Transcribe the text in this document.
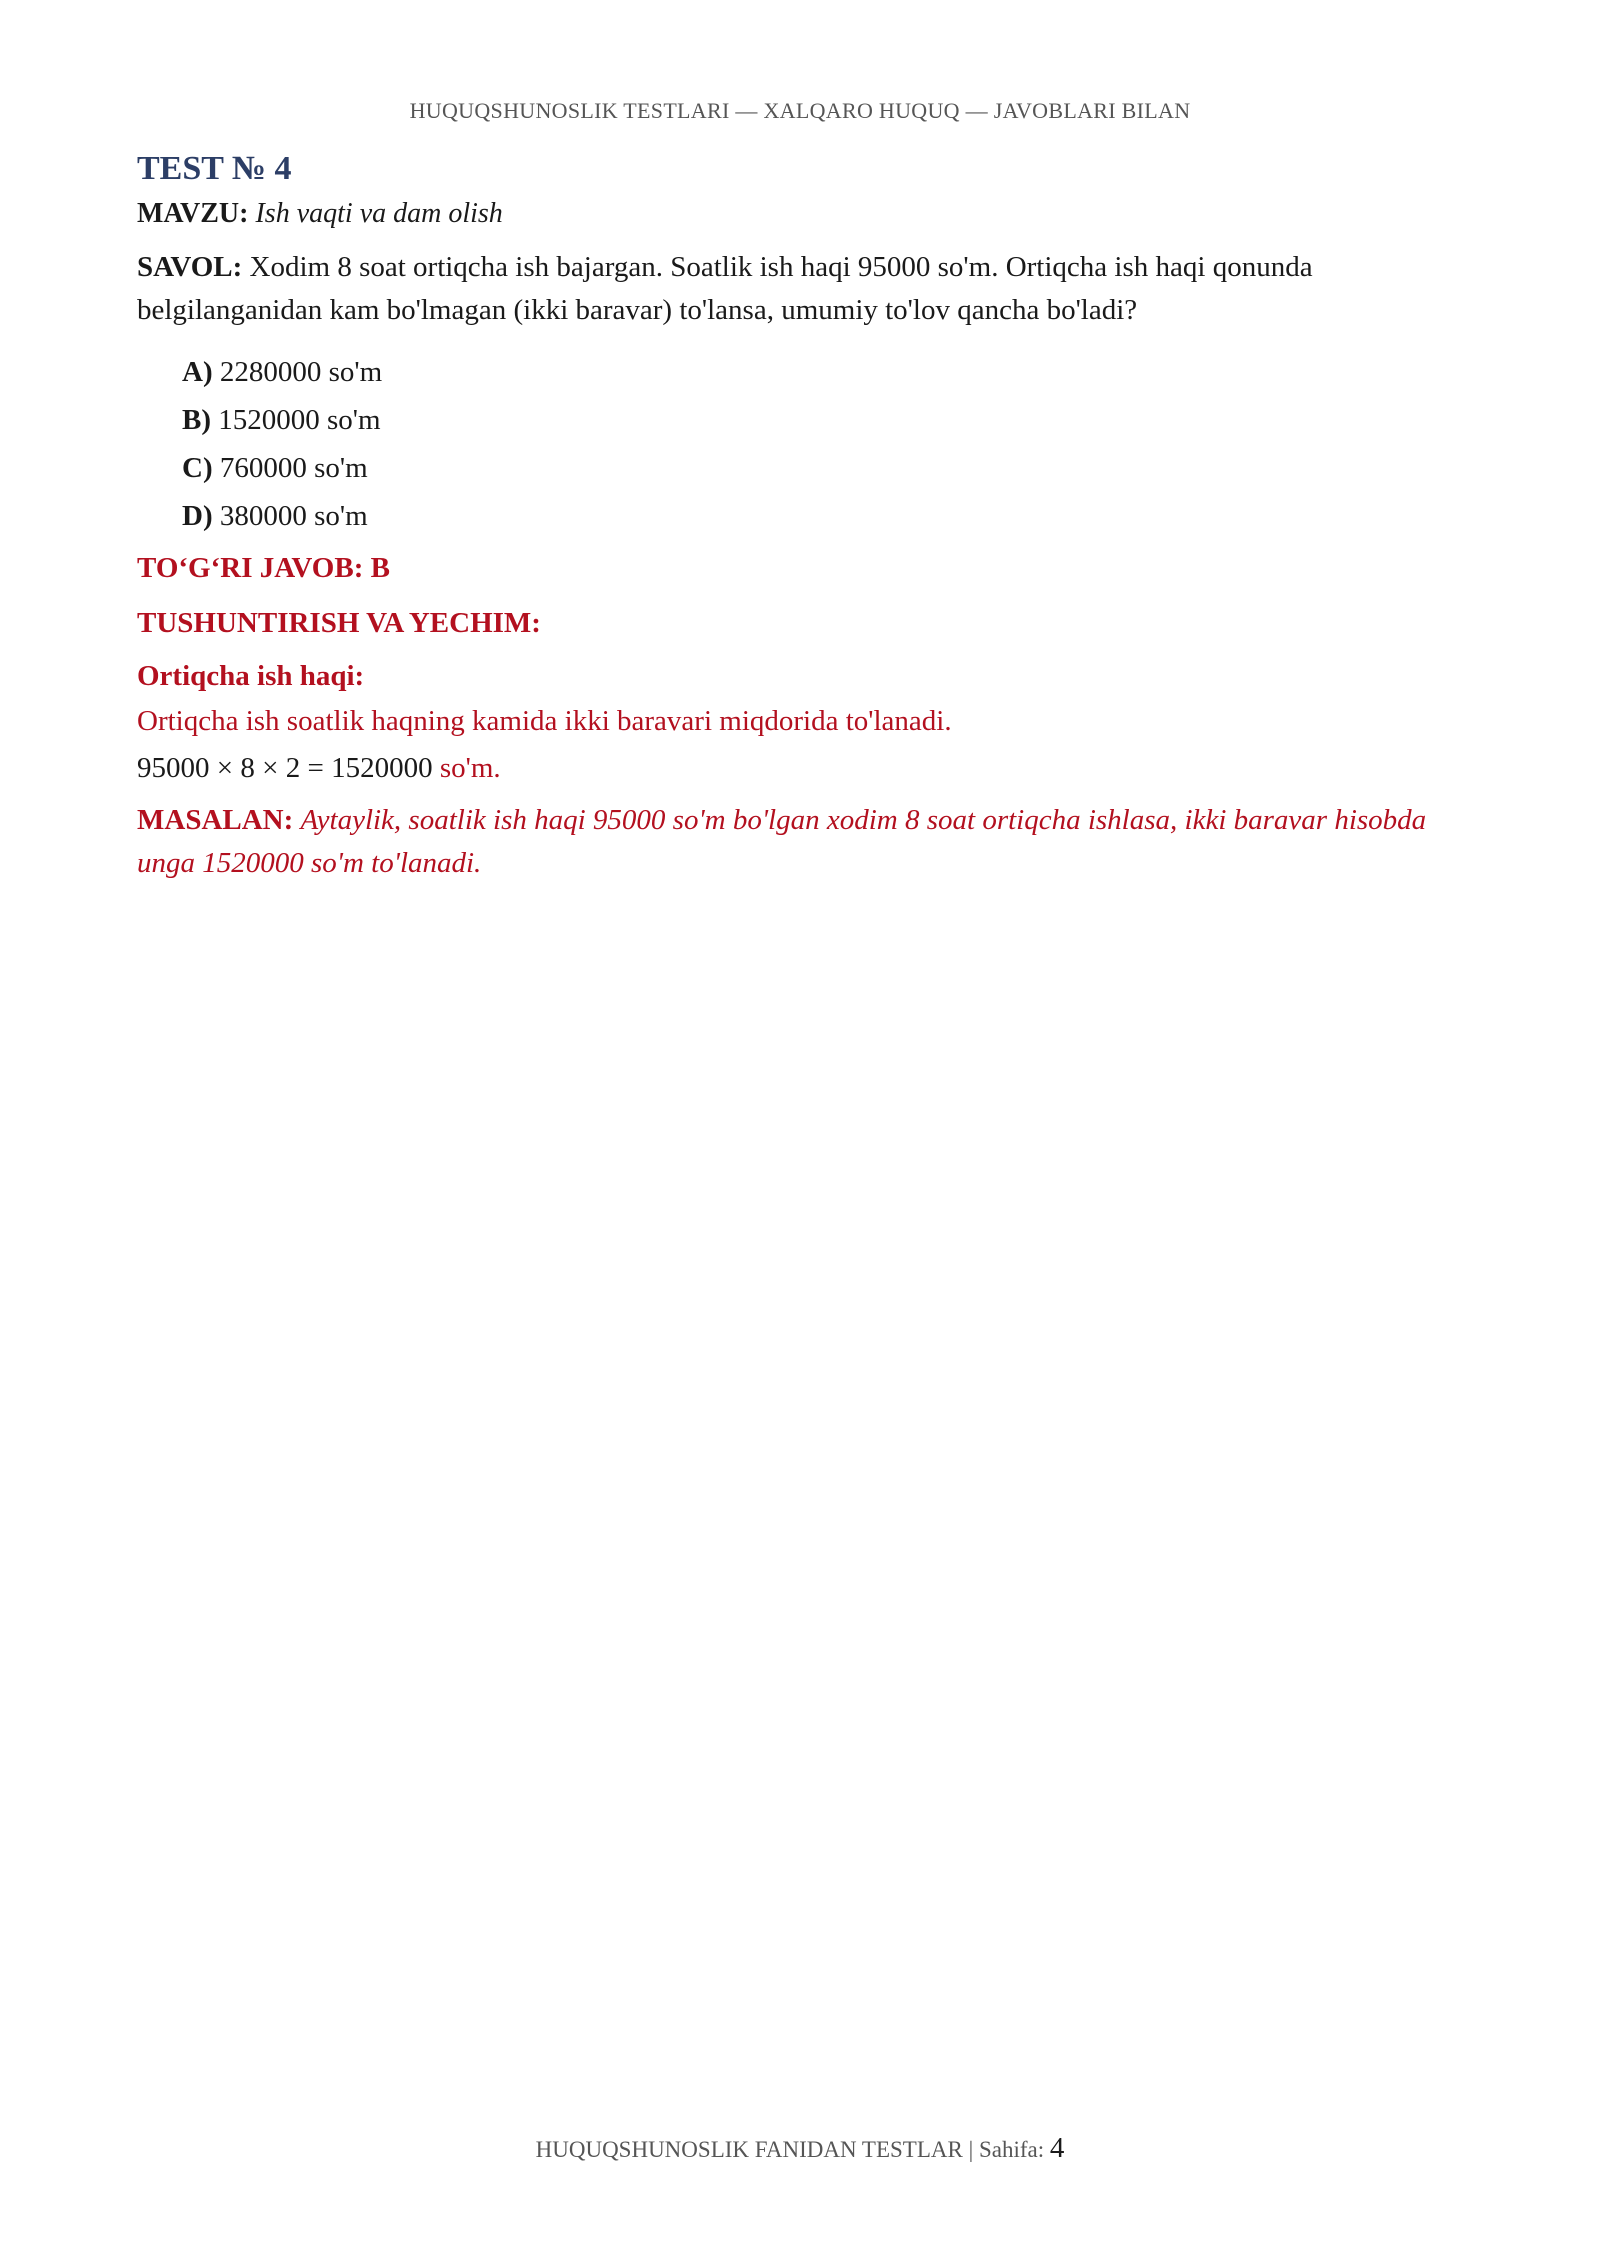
HUQUQSHUNOSLIK TESTLARI — XALQARO HUQUQ — JAVOBLARI BILAN
TEST № 4
MAVZU: Ish vaqti va dam olish
SAVOL: Xodim 8 soat ortiqcha ish bajargan. Soatlik ish haqi 95000 so'm. Ortiqcha ish haqi qonunda belgilanganidan kam bo'lmagan (ikki baravar) to'lansa, umumiy to'lov qancha bo'ladi?
A) 2280000 so'm
B) 1520000 so'm
C) 760000 so'm
D) 380000 so'm
TO‘G‘RI JAVOB: B
TUSHUNTIRISH VA YECHIM:
Ortiqcha ish haqi:
Ortiqcha ish soatlik haqning kamida ikki baravari miqdorida to'lanadi.
95000 × 8 × 2 = 1520000 so'm.
MASALAN: Aytaylik, soatlik ish haqi 95000 so'm bo'lgan xodim 8 soat ortiqcha ishlasa, ikki baravar hisobda unga 1520000 so'm to'lanadi.
HUQUQSHUNOSLIK FANIDAN TESTLAR | Sahifa: 4
